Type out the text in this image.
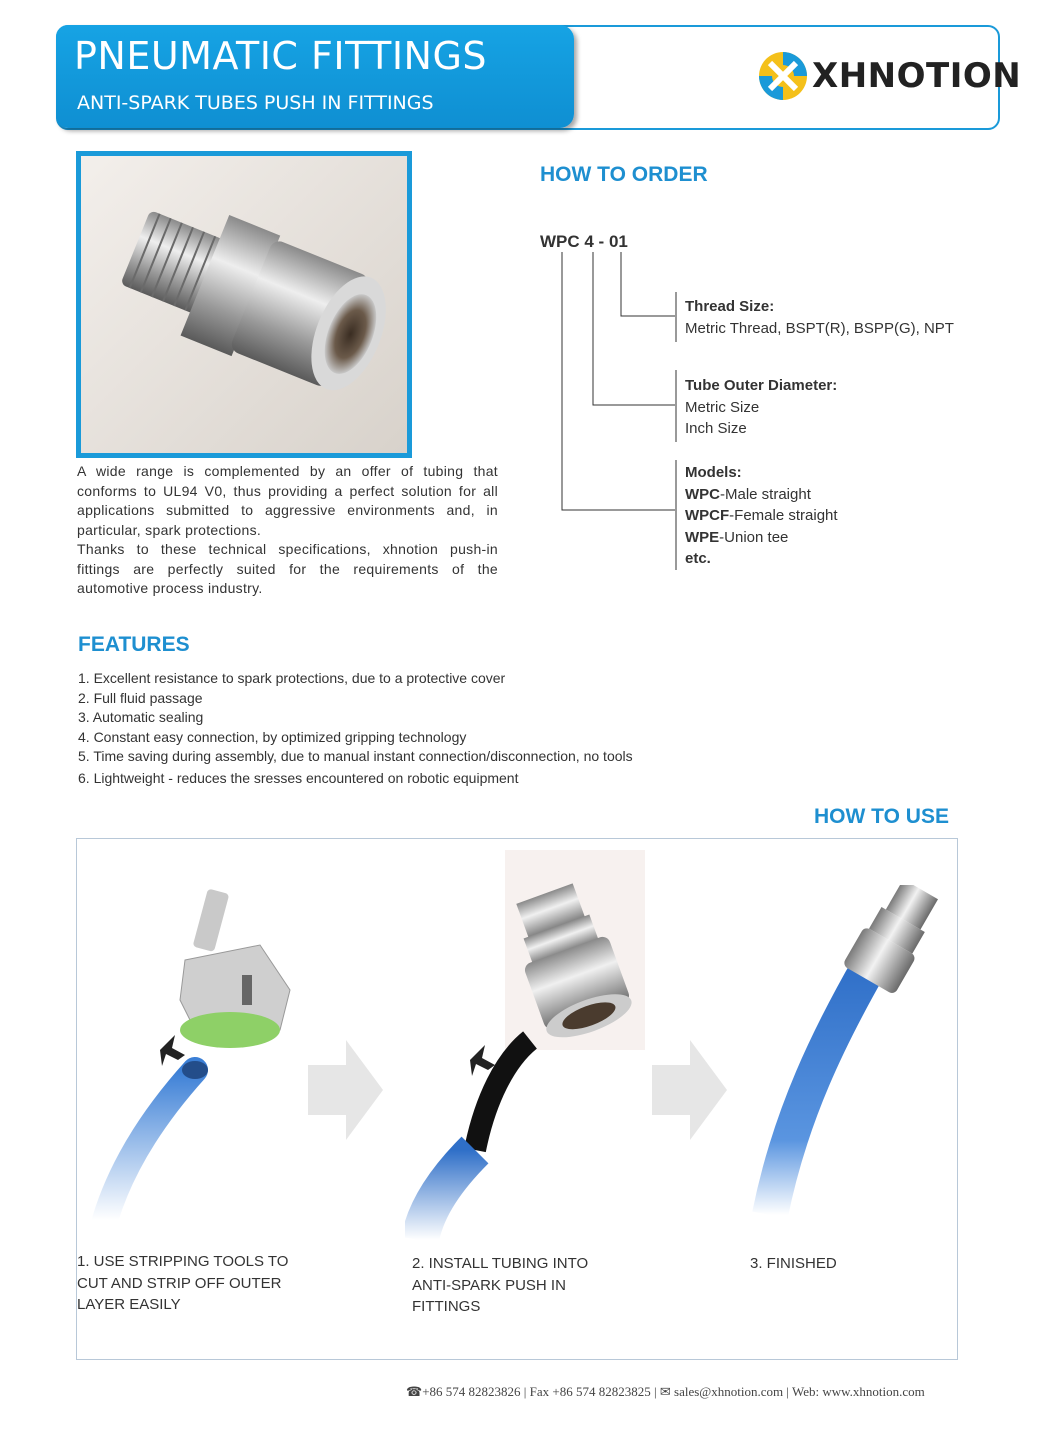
PNEUMATIC FITTINGS
ANTI-SPARK TUBES PUSH IN FITTINGS
XHNOTION

A wide range is complemented by an offer of tubing that conforms to UL94 V0, thus providing a perfect solution for all applications submitted to aggressive environments and, in particular, spark protections.

Thanks to these technical specifications, xhnotion push-in fittings are perfectly suited for the requirements of the automotive process industry.

HOW TO ORDER
WPC 4 - 01
Thread Size:
Metric Thread, BSPT(R), BSPP(G), NPT
Tube Outer Diameter:
Metric Size
Inch Size
Models:
WPC-Male straight
WPCF-Female straight
WPE-Union tee
etc.
FEATURES
1. Excellent resistance to spark protections, due to a protective cover
2. Full fluid passage
3. Automatic sealing
4. Constant easy connection, by optimized gripping technology
5. Time saving during assembly, due to manual instant connection/disconnection, no tools
6. Lightweight - reduces the sresses encountered on robotic equipment
HOW TO USE
1. USE STRIPPING TOOLS TO
CUT AND STRIP OFF OUTER
LAYER EASILY
2. INSTALL TUBING INTO
ANTI-SPARK PUSH IN
FITTINGS
3. FINISHED
☎+86 574 82823826 | Fax +86 574 82823825 | ✉ sales@xhnotion.com | Web: www.xhnotion.com
